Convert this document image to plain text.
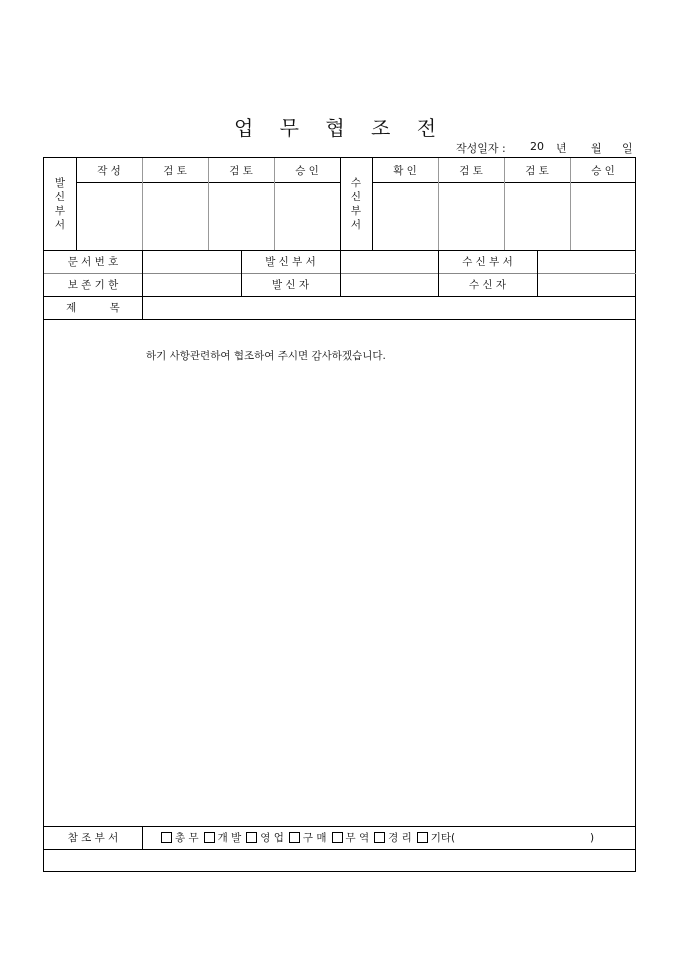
업 무 협 조 전
작성일자 : 20 년 월 일
발
신
부
서
작 성	검 토	검 토	승 인
수
신
부
서
확 인	검 토	검 토	승 인
문 서 번 호	발 신 부 서	수 신 부 서
보 존 기 한	발 신 자	수 신 자
제          목
하기 사항관련하여 협조하여 주시면 감사하겠습니다.
참 조 부 서	총 무 개 발 영 업 구 매 무 역 경 리 기타(	)
